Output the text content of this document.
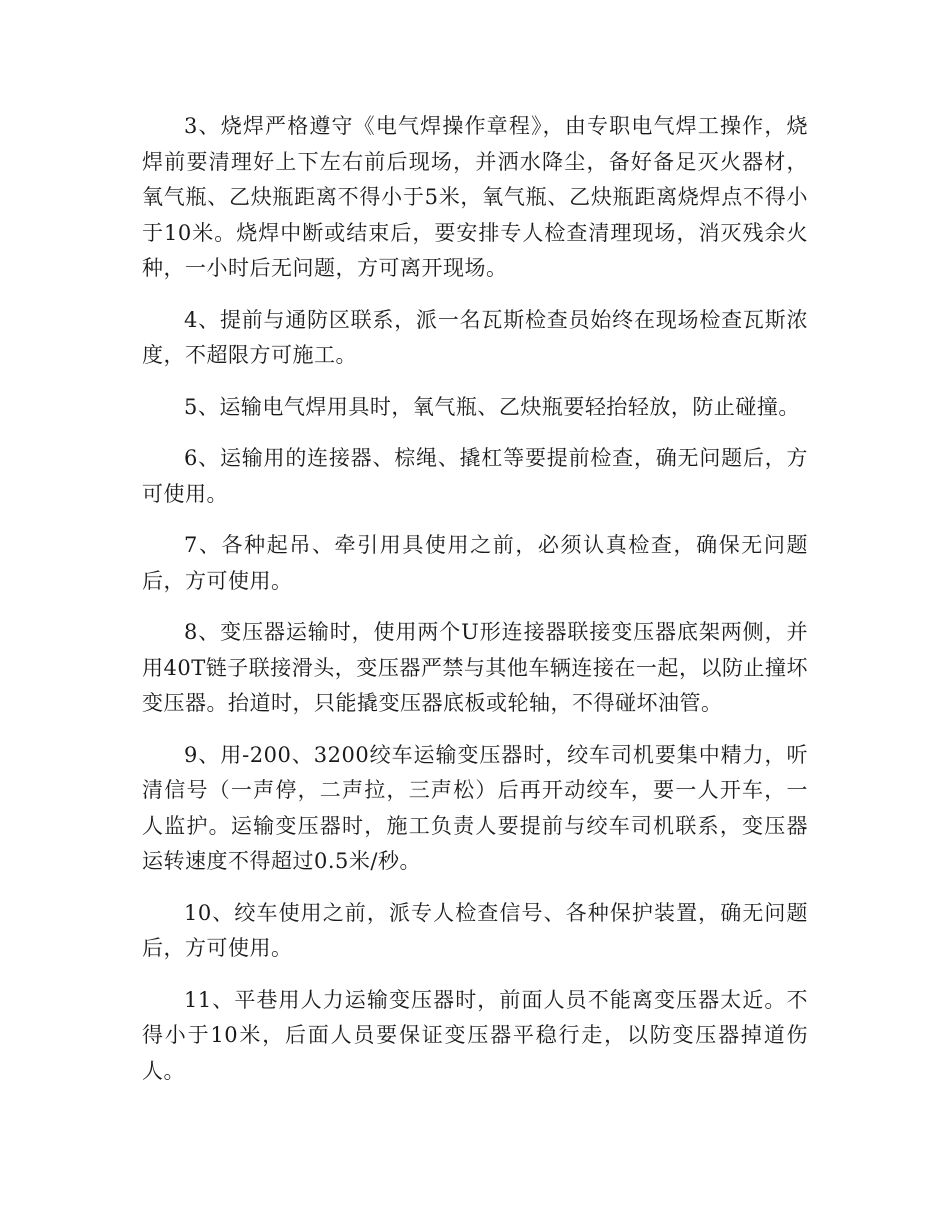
3、烧焊严格遵守《电气焊操作章程》，由专职电气焊工操作，烧焊前要清理好上下左右前后现场，并洒水降尘，备好备足灭火器材，氧气瓶、乙炔瓶距离不得小于5米，氧气瓶、乙炔瓶距离烧焊点不得小于10米。烧焊中断或结束后，要安排专人检查清理现场，消灭残余火种，一小时后无问题，方可离开现场。

4、提前与通防区联系，派一名瓦斯检查员始终在现场检查瓦斯浓度，不超限方可施工。

5、运输电气焊用具时，氧气瓶、乙炔瓶要轻抬轻放，防止碰撞。

6、运输用的连接器、棕绳、撬杠等要提前检查，确无问题后，方可使用。

7、各种起吊、牵引用具使用之前，必须认真检查，确保无问题后，方可使用。

8、变压器运输时，使用两个U形连接器联接变压器底架两侧，并用40T链子联接滑头，变压器严禁与其他车辆连接在一起，以防止撞坏变压器。抬道时，只能撬变压器底板或轮轴，不得碰坏油管。

9、用-200、3200绞车运输变压器时，绞车司机要集中精力，听清信号（一声停，二声拉，三声松）后再开动绞车，要一人开车，一人监护。运输变压器时，施工负责人要提前与绞车司机联系，变压器运转速度不得超过0.5米/秒。

10、绞车使用之前，派专人检查信号、各种保护装置，确无问题后，方可使用。

11、平巷用人力运输变压器时，前面人员不能离变压器太近。不得小于10米，后面人员要保证变压器平稳行走，以防变压器掉道伤人。
